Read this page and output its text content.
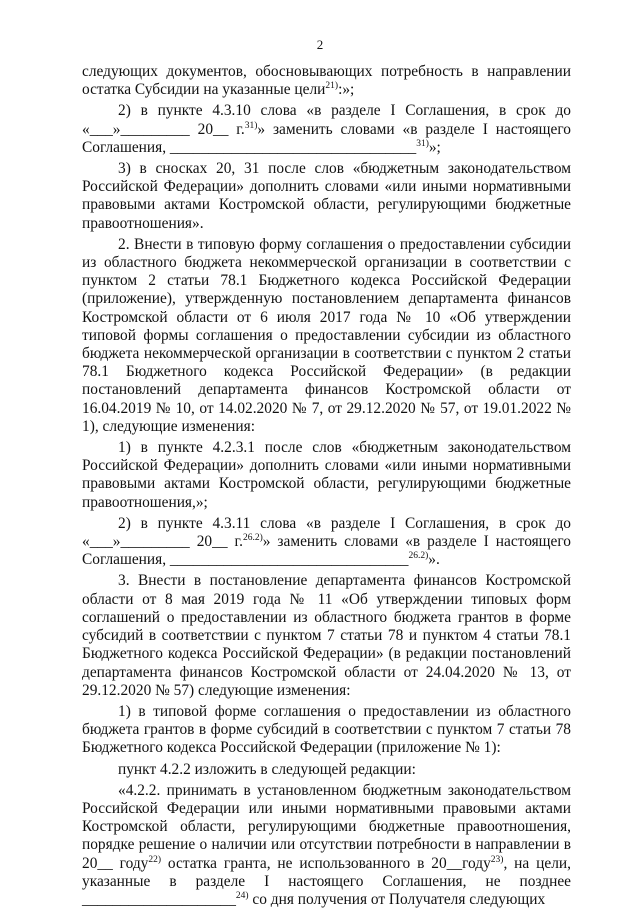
2

следующих документов, обосновывающих потребность в направлении остатка Субсидии на указанные цели$^{21)}$:»;

2) в пункте 4.3.10 слова «в разделе I Соглашения, в срок до «___»_________ 20__ г.$^{31)}$» заменить словами «в разделе I настоящего Соглашения, ________________________________$^{31)}$»;

3) в сносках 20, 31 после слов «бюджетным законодательством Российской Федерации» дополнить словами «или иными нормативными правовыми актами Костромской области, регулирующими бюджетные правоотношения».

2. Внести в типовую форму соглашения о предоставлении субсидии из областного бюджета некоммерческой организации в соответствии с пунктом 2 статьи 78.1 Бюджетного кодекса Российской Федерации (приложение), утвержденную постановлением департамента финансов Костромской области от 6 июля 2017 года № 10 «Об утверждении типовой формы соглашения о предоставлении субсидии из областного бюджета некоммерческой организации в соответствии с пунктом 2 статьи 78.1 Бюджетного кодекса Российской Федерации» (в редакции постановлений департамента финансов Костромской области от 16.04.2019 № 10, от 14.02.2020 № 7, от 29.12.2020 № 57, от 19.01.2022 № 1), следующие изменения:

1) в пункте 4.2.3.1 после слов «бюджетным законодательством Российской Федерации» дополнить словами «или иными нормативными правовыми актами Костромской области, регулирующими бюджетные правоотношения,»;

2) в пункте 4.3.11 слова «в разделе I Соглашения, в срок до «___»_________ 20__ г.$^{26.2)}$» заменить словами «в разделе I настоящего Соглашения, _______________________________$^{26.2)}$».

3. Внести в постановление департамента финансов Костромской области от 8 мая 2019 года № 11 «Об утверждении типовых форм соглашений о предоставлении из областного бюджета грантов в форме субсидий в соответствии с пунктом 7 статьи 78 и пунктом 4 статьи 78.1 Бюджетного кодекса Российской Федерации» (в редакции постановлений департамента финансов Костромской области от 24.04.2020 № 13, от 29.12.2020 № 57) следующие изменения:

1) в типовой форме соглашения о предоставлении из областного бюджета грантов в форме субсидий в соответствии с пунктом 7 статьи 78 Бюджетного кодекса Российской Федерации (приложение № 1):

пункт 4.2.2 изложить в следующей редакции:

«4.2.2. принимать в установленном бюджетным законодательством Российской Федерации или иными нормативными правовыми актами Костромской области, регулирующими бюджетные правоотношения, порядке решение о наличии или отсутствии потребности в направлении в 20__ году$^{22)}$ остатка гранта, не использованного в 20__году$^{23)}$, на цели, указанные в разделе I настоящего Соглашения, не позднее ____________________$^{24)}$ со дня получения от Получателя следующих
